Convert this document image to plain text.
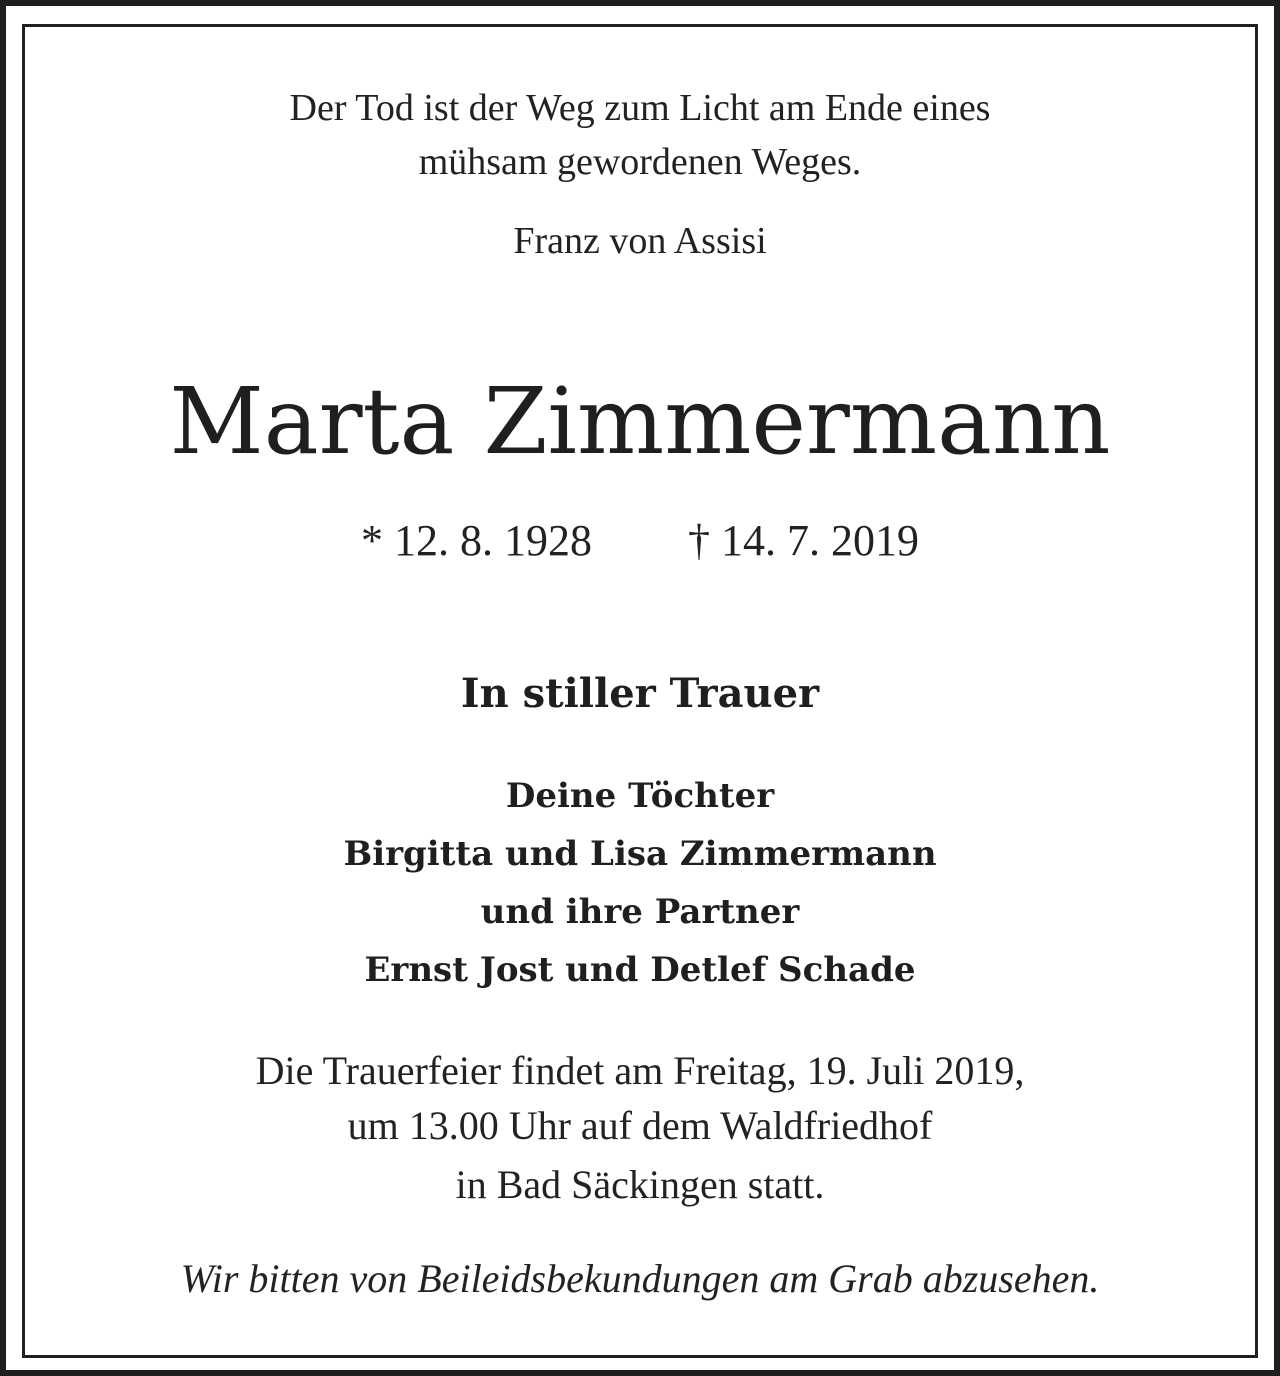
Der Tod ist der Weg zum Licht am Ende eines
mühsam gewordenen Weges.
Franz von Assisi
Marta Zimmermann
* 12. 8. 1928 † 14. 7. 2019
In stiller Trauer
Deine Töchter
Birgitta und Lisa Zimmermann
und ihre Partner
Ernst Jost und Detlef Schade
Die Trauerfeier findet am Freitag, 19. Juli 2019,
um 13.00 Uhr auf dem Waldfriedhof
in Bad Säckingen statt.
Wir bitten von Beileidsbekundungen am Grab abzusehen.
